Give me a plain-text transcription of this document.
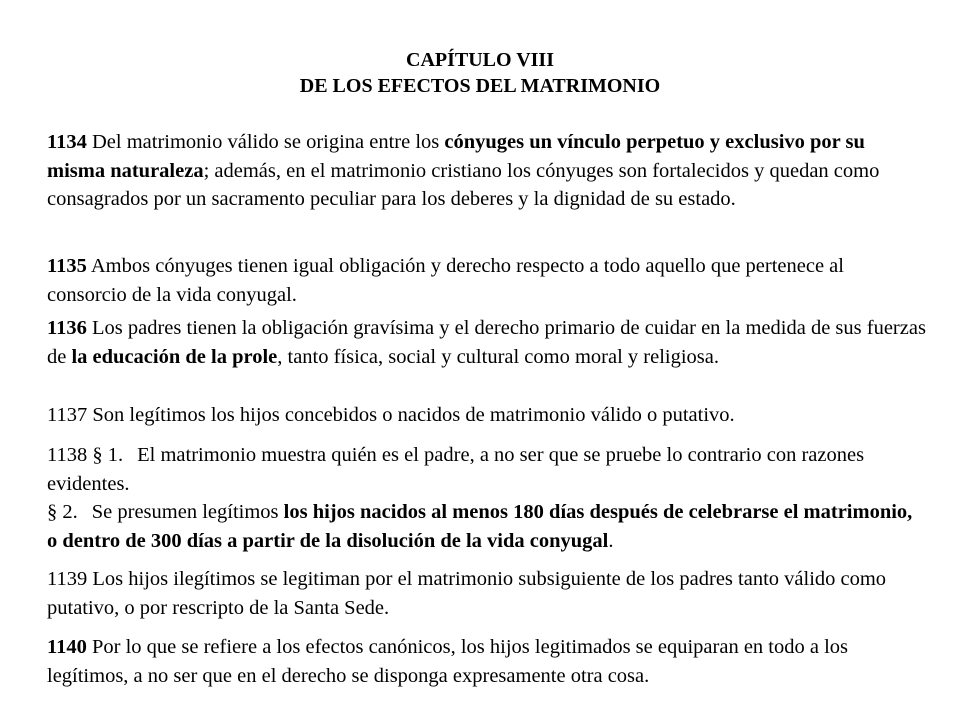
CAPÍTULO VIII
DE LOS EFECTOS DEL MATRIMONIO
1134 Del matrimonio válido se origina entre los cónyuges un vínculo perpetuo y exclusivo por su misma naturaleza; además, en el matrimonio cristiano los cónyuges son fortalecidos y quedan como consagrados por un sacramento peculiar para los deberes y la dignidad de su estado.
1135 Ambos cónyuges tienen igual obligación y derecho respecto a todo aquello que pertenece al consorcio de la vida conyugal.
1136 Los padres tienen la obligación gravísima y el derecho primario de cuidar en la medida de sus fuerzas de la educación de la prole, tanto física, social y cultural como moral y religiosa.
1137 Son legítimos los hijos concebidos o nacidos de matrimonio válido o putativo.
1138 § 1. El matrimonio muestra quién es el padre, a no ser que se pruebe lo contrario con razones evidentes.
§ 2. Se presumen legítimos los hijos nacidos al menos 180 días después de celebrarse el matrimonio, o dentro de 300 días a partir de la disolución de la vida conyugal.
1139 Los hijos ilegítimos se legitiman por el matrimonio subsiguiente de los padres tanto válido como putativo, o por rescripto de la Santa Sede.
1140 Por lo que se refiere a los efectos canónicos, los hijos legitimados se equiparan en todo a los legítimos, a no ser que en el derecho se disponga expresamente otra cosa.
